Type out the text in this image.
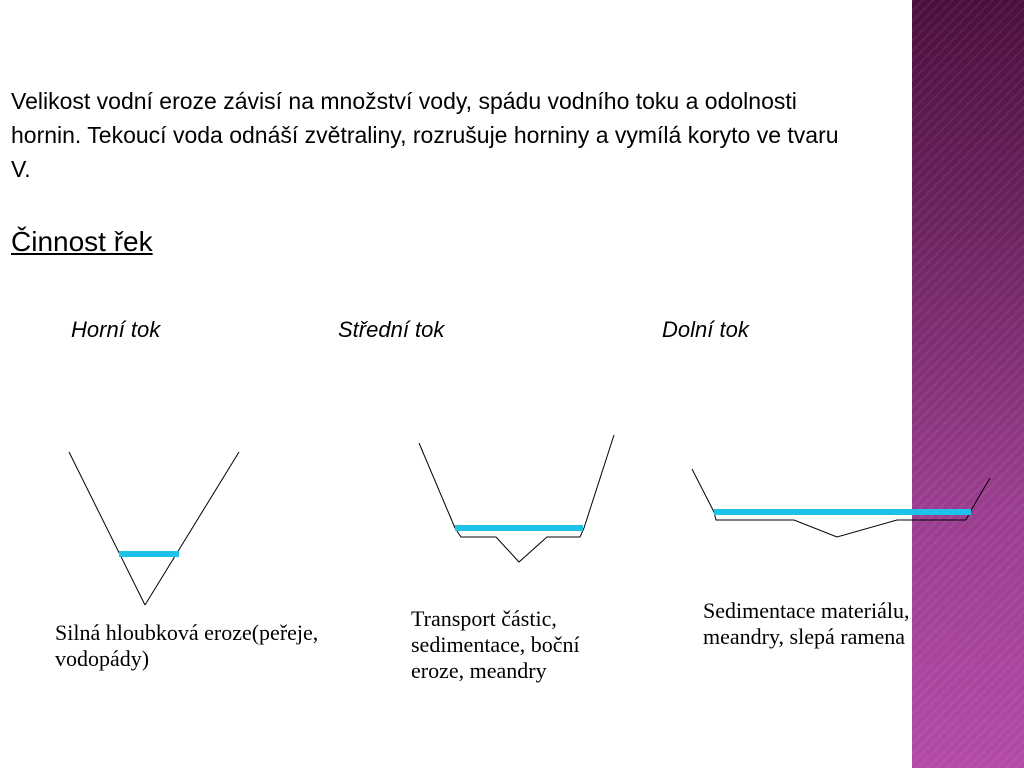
Velikost vodní eroze závisí na množství vody, spádu vodního toku a odolnosti hornin. Tekoucí voda odnáší zvětraliny, rozrušuje horniny a vymílá koryto ve tvaru V.
Činnost řek
Horní tok	Střední tok	Dolní tok
Silná hloubková eroze(peřeje, vodopády)
Transport částic, sedimentace, boční eroze, meandry
Sedimentace materiálu, meandry, slepá ramena
